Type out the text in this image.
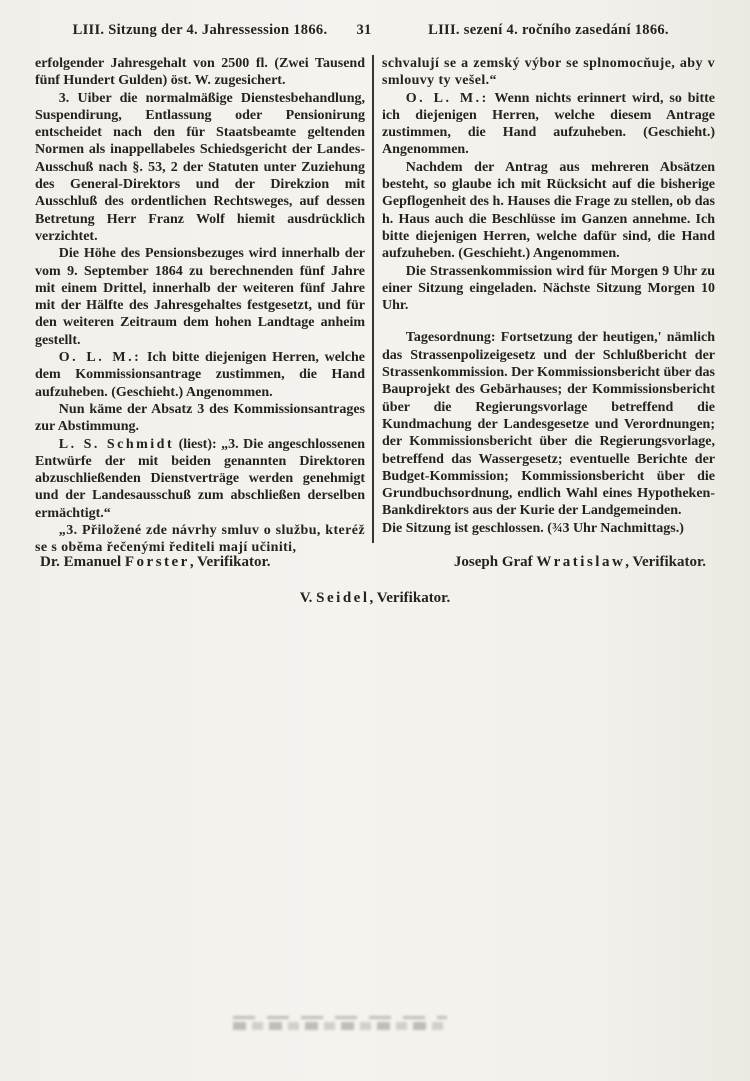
LIII. Sitzung der 4. Jahressession 1866.	31	LIII. sezení 4. ročního zasedání 1866.

erfolgender Jahresgehalt von 2500 fl. (Zwei Tausend fünf Hundert Gulden) öst. W. zugesichert.

3. Uiber die normalmäßige Dienstesbehandlung, Suspendirung, Entlassung oder Pensionirung entscheidet nach den für Staatsbeamte geltenden Normen als inappellabeles Schiedsgericht der Landes-Ausschuß nach §. 53, 2 der Statuten unter Zuziehung des General-Direktors und der Direkzion mit Ausschluß des ordentlichen Rechtsweges, auf dessen Betretung Herr Franz Wolf hiemit ausdrücklich verzichtet.

Die Höhe des Pensionsbezuges wird innerhalb der vom 9. September 1864 zu berechnenden fünf Jahre mit einem Drittel, innerhalb der weiteren fünf Jahre mit der Hälfte des Jahresgehaltes festgesetzt, und für den weiteren Zeitraum dem hohen Landtage anheim gestellt.

O. L. M.: Ich bitte diejenigen Herren, welche dem Kommissionsantrage zustimmen, die Hand aufzuheben. (Geschieht.) Angenommen.

Nun käme der Absatz 3 des Kommissionsantrages zur Abstimmung.

L. S. Schmidt (liest): „3. Die angeschlossenen Entwürfe der mit beiden genannten Direktoren abzuschließenden Dienstverträge werden genehmigt und der Landesausschuß zum abschließen derselben ermächtigt.“

„3. Přiložené zde návrhy smluv o službu, kteréž se s oběma řečenými řediteli mají učiniti,

schvalují se a zemský výbor se splnomocňuje, aby v smlouvy ty vešel.“

O. L. M.: Wenn nichts erinnert wird, so bitte ich diejenigen Herren, welche diesem Antrage zustimmen, die Hand aufzuheben. (Geschieht.) Angenommen.

Nachdem der Antrag aus mehreren Absätzen besteht, so glaube ich mit Rücksicht auf die bisherige Gepflogenheit des h. Hauses die Frage zu stellen, ob das h. Haus auch die Beschlüsse im Ganzen annehme. Ich bitte diejenigen Herren, welche dafür sind, die Hand aufzuheben. (Geschieht.) Angenommen.

Die Strassenkommission wird für Morgen 9 Uhr zu einer Sitzung eingeladen. Nächste Sitzung Morgen 10 Uhr.

Tagesordnung: Fortsetzung der heutigen,' nämlich das Strassenpolizeigesetz und der Schlußbericht der Strassenkommission. Der Kommissionsbericht über das Bauprojekt des Gebärhauses; der Kommissionsbericht über die Regierungsvorlage betreffend die Kundmachung der Landesgesetze und Verordnungen; der Kommissionsbericht über die Regierungsvorlage, betreffend das Wassergesetz; eventuelle Berichte der Budget-Kommission; Kommissionsbericht über die Grundbuchsordnung, endlich Wahl eines Hypotheken-Bankdirektors aus der Kurie der Landgemeinden.

Die Sitzung ist geschlossen. (¾3 Uhr Nachmittags.)

Dr. Emanuel Forster, Verifikator.	Joseph Graf Wratislaw, Verifikator.
V. Seidel, Verifikator.
